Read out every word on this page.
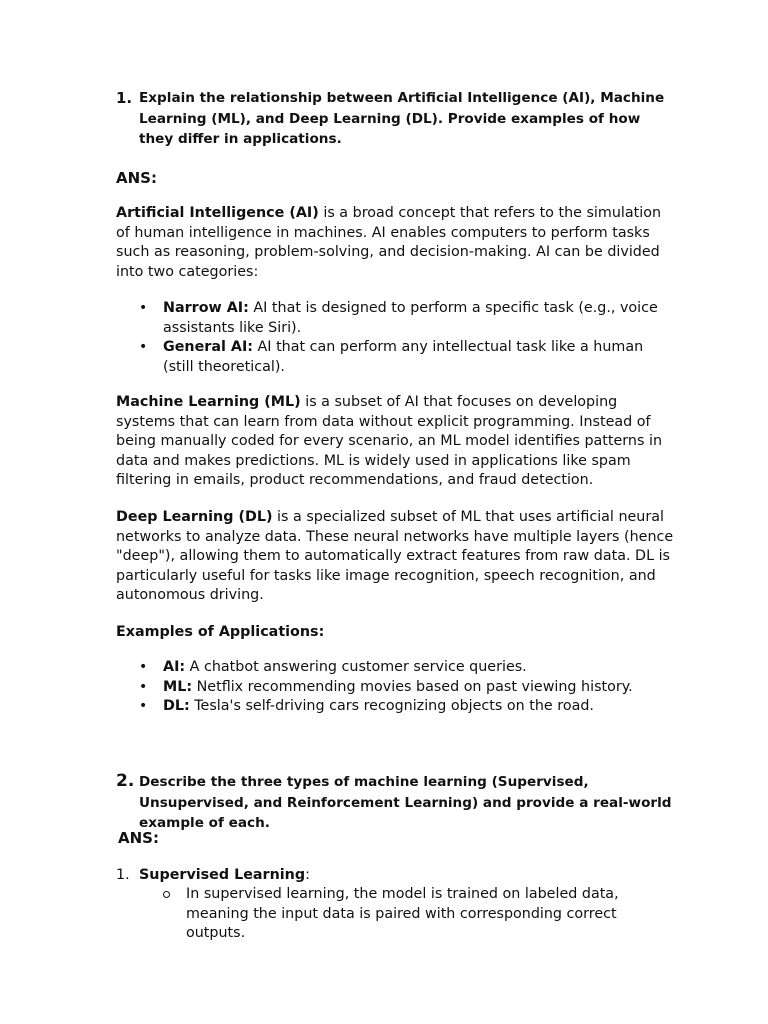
1. Explain the relationship between Artificial Intelligence (AI), Machine Learning (ML), and Deep Learning (DL). Provide examples of how they differ in applications.
ANS:

Artificial Intelligence (AI) is a broad concept that refers to the simulation of human intelligence in machines. AI enables computers to perform tasks such as reasoning, problem-solving, and decision-making. AI can be divided into two categories:

• Narrow AI: AI that is designed to perform a specific task (e.g., voice assistants like Siri).
• General AI: AI that can perform any intellectual task like a human (still theoretical).

Machine Learning (ML) is a subset of AI that focuses on developing systems that can learn from data without explicit programming. Instead of being manually coded for every scenario, an ML model identifies patterns in data and makes predictions. ML is widely used in applications like spam filtering in emails, product recommendations, and fraud detection.

Deep Learning (DL) is a specialized subset of ML that uses artificial neural networks to analyze data. These neural networks have multiple layers (hence "deep"), allowing them to automatically extract features from raw data. DL is particularly useful for tasks like image recognition, speech recognition, and autonomous driving.

Examples of Applications:
• AI: A chatbot answering customer service queries.
• ML: Netflix recommending movies based on past viewing history.
• DL: Tesla's self-driving cars recognizing objects on the road.
2. Describe the three types of machine learning (Supervised, Unsupervised, and Reinforcement Learning) and provide a real-world example of each.
ANS:
1. Supervised Learning:
In supervised learning, the model is trained on labeled data, meaning the input data is paired with corresponding correct outputs.
